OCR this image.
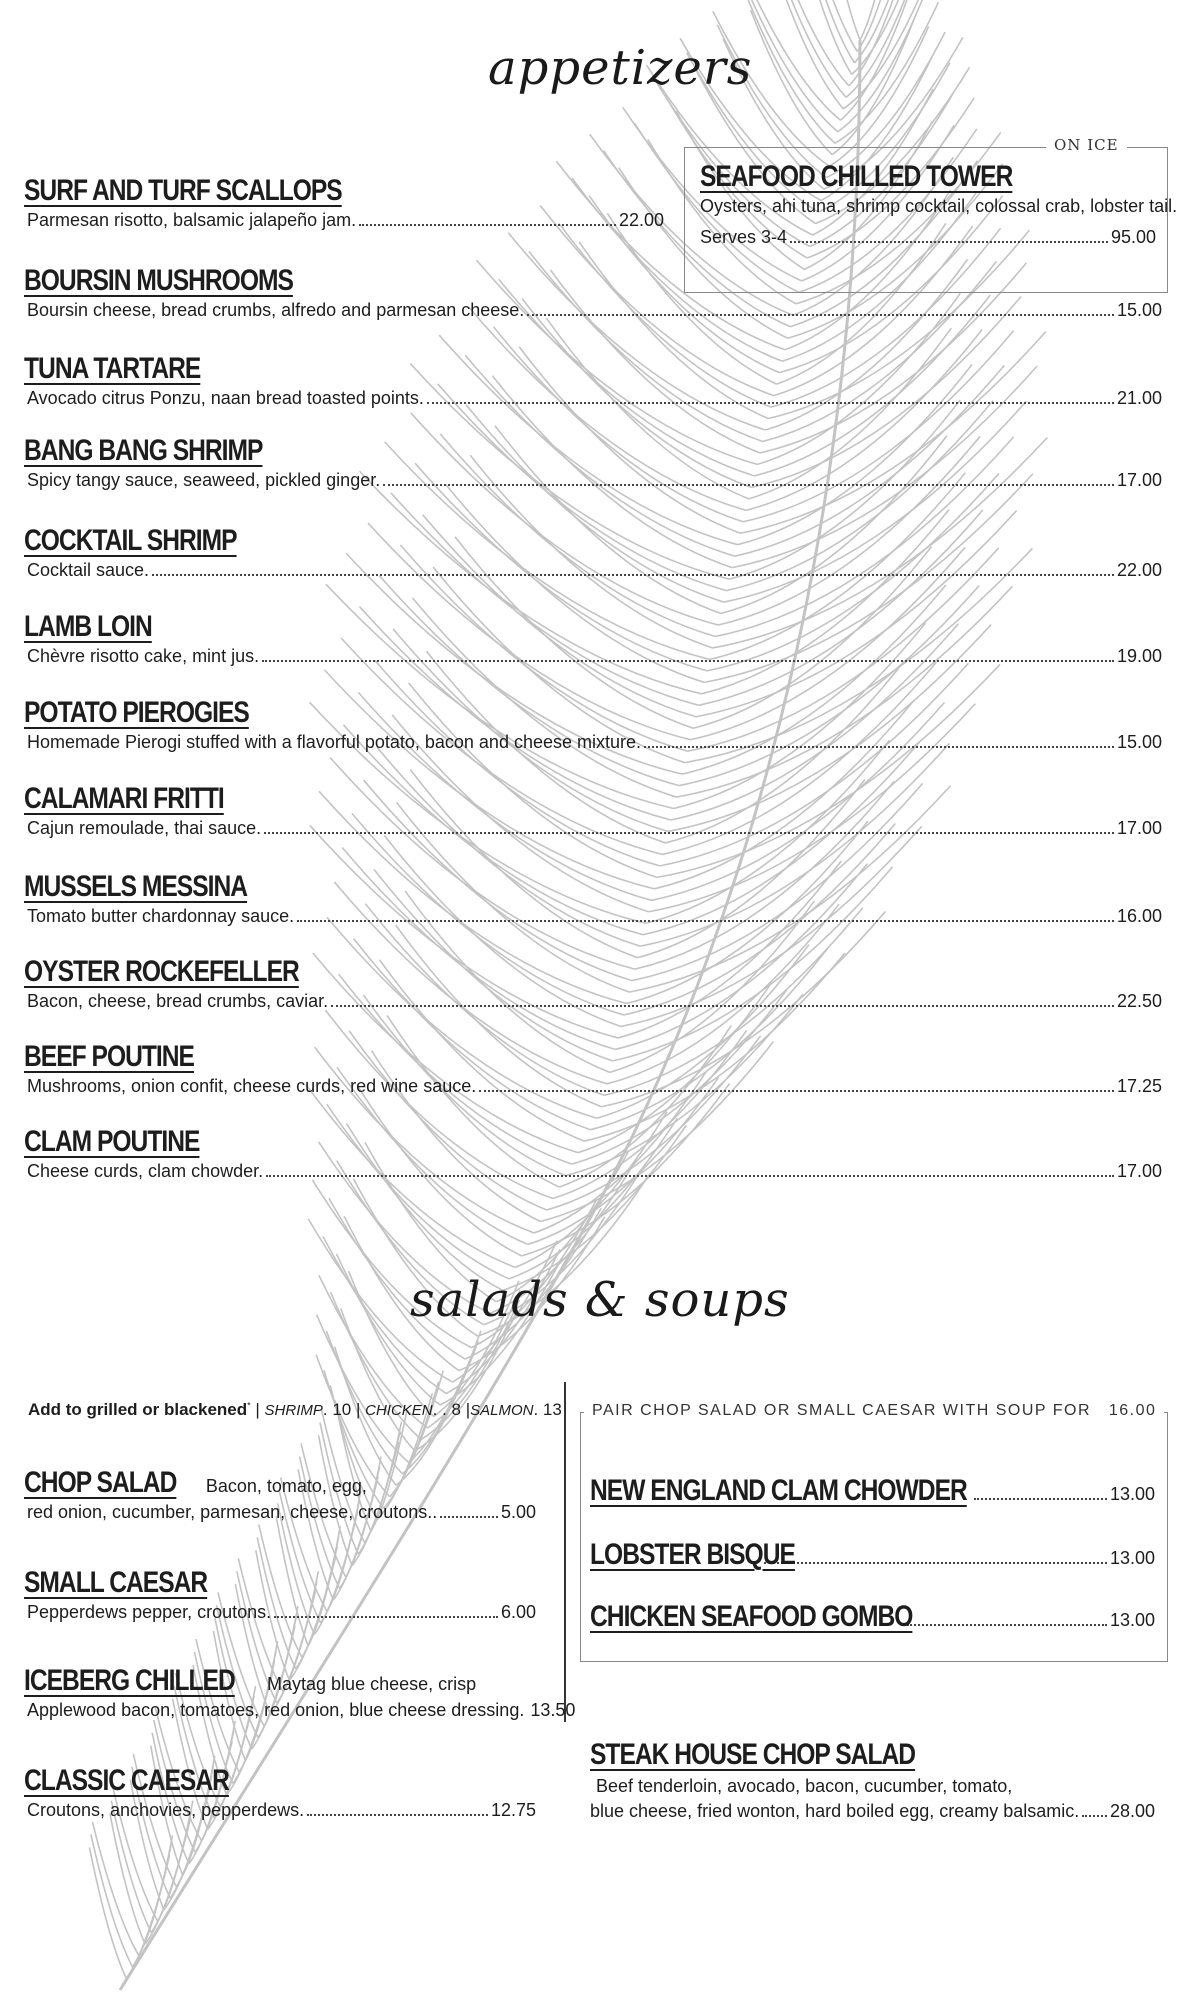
appetizers
ON ICE
SEAFOOD CHILLED TOWER
Oysters, ahi tuna, shrimp cocktail, colossal crab, lobster tail.
Serves 3-4	95.00
SURF AND TURF SCALLOPS
Parmesan risotto, balsamic jalapeño jam.	22.00
BOURSIN MUSHROOMS
Boursin cheese, bread crumbs, alfredo and parmesan cheese.	15.00
TUNA TARTARE
Avocado citrus Ponzu, naan bread toasted points.	21.00
BANG BANG SHRIMP
Spicy tangy sauce, seaweed, pickled ginger.	17.00
COCKTAIL SHRIMP
Cocktail sauce.	22.00
LAMB LOIN
Chèvre risotto cake, mint jus.	19.00
POTATO PIEROGIES
Homemade Pierogi stuffed with a flavorful potato, bacon and cheese mixture.	15.00
CALAMARI FRITTI
Cajun remoulade, thai sauce.	17.00
MUSSELS MESSINA
Tomato butter chardonnay sauce.	16.00
OYSTER ROCKEFELLER
Bacon, cheese, bread crumbs, caviar.	22.50
BEEF POUTINE
Mushrooms, onion confit, cheese curds, red wine sauce.	17.25
CLAM POUTINE
Cheese curds, clam chowder.	17.00
salads & soups
Add to grilled or blackened* | SHRIMP. 10 | CHICKEN. . 8 |SALMON. 13
CHOP SALAD Bacon, tomato, egg,
red onion, cucumber, parmesan, cheese, croutons..	5.00
SMALL CAESAR
Pepperdews pepper, croutons.	6.00
ICEBERG CHILLED Maytag blue cheese, crisp
Applewood bacon, tomatoes, red onion, blue cheese dressing. 13.50
CLASSIC CAESAR
Croutons, anchovies, pepperdews.	12.75
PAIR CHOP SALAD OR SMALL CAESAR WITH SOUP FOR   16.00
NEW ENGLAND CLAM CHOWDER	13.00
LOBSTER BISQUE	13.00
CHICKEN SEAFOOD GOMBO	13.00
STEAK HOUSE CHOP SALAD
Beef tenderloin, avocado, bacon, cucumber, tomato,
blue cheese, fried wonton, hard boiled egg, creamy balsamic. 28.00
